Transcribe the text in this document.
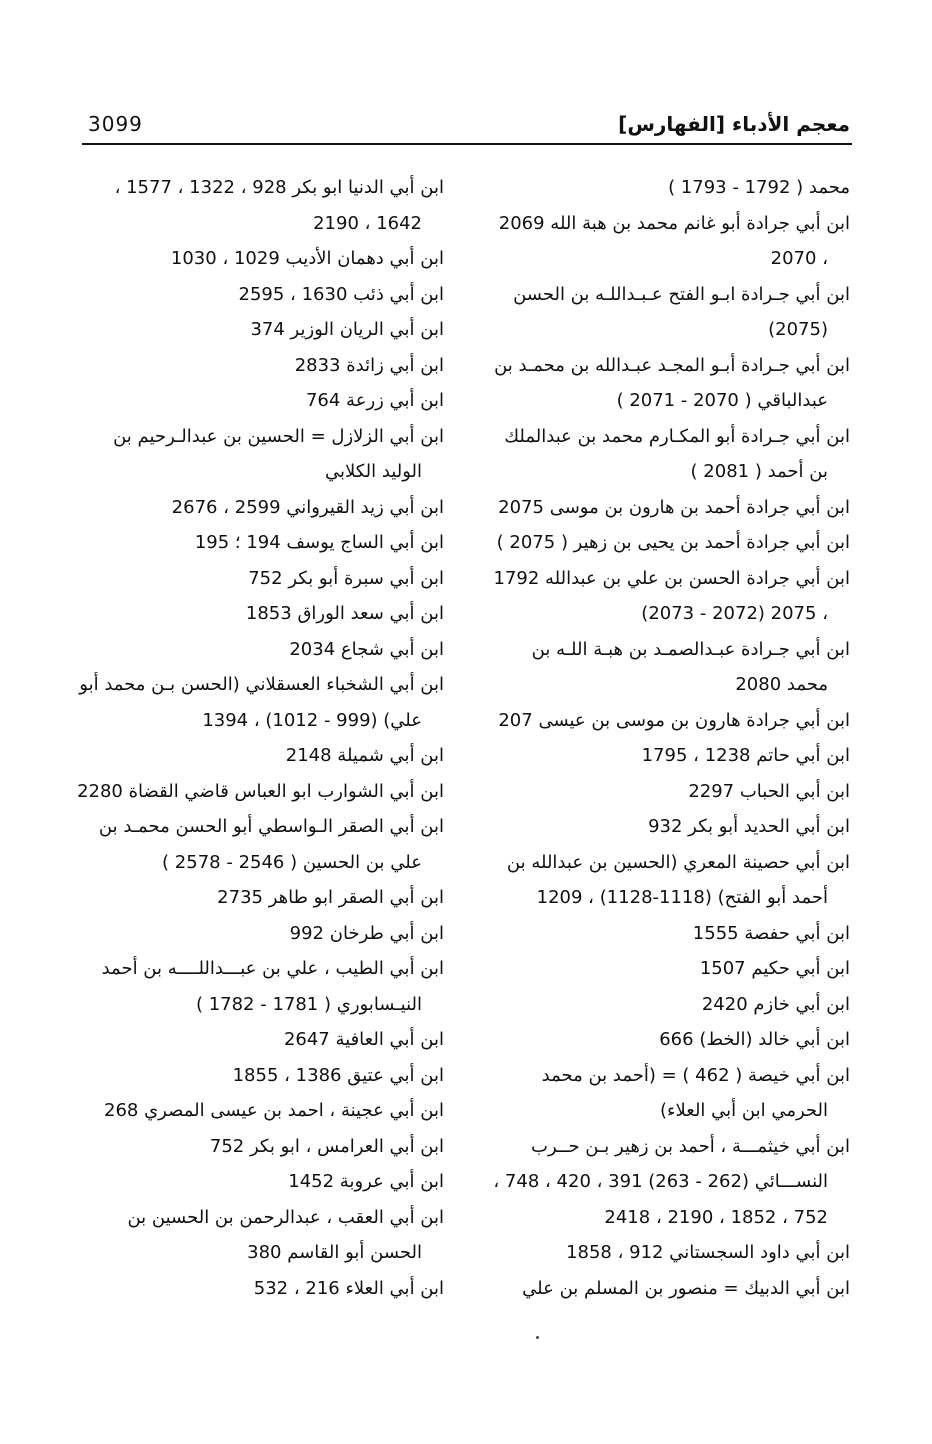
معجم الأدباء [الفهارس]
3099
محمد ( 1792 - 1793 )
ابن أبي جرادة أبو غانم محمد بن هبة الله 2069 ، 2070
ابن أبي جـرادة ابـو الفتح عـبـداللـه بن الحسن (2075)
ابن أبي جـرادة أبـو المجـد عبـدالله بن محمـد بن عبدالباقي ( 2070 - 2071 )
ابن أبي جـرادة أبو المكـارم محمد بن عبدالملك بن أحمد ( 2081 )
ابن أبي جرادة أحمد بن هارون بن موسى 2075
ابن أبي جرادة أحمد بن يحيى بن زهير ( 2075 )
ابن أبي جرادة الحسن بن علي بن عبدالله 1792 ، 2075 (2072 - 2073)
ابن أبي جـرادة عبـدالصمـد بن هبـة اللـه بن محمد 2080
ابن أبي جرادة هارون بن موسى بن عيسى 207
ابن أبي حاتم 1238 ، 1795
ابن أبي الحباب 2297
ابن أبي الحديد أبو بكر 932
ابن أبي حصينة المعري (الحسين بن عبدالله بن أحمد أبو الفتح) (1118-1128) ، 1209
ابن أبي حفصة 1555
ابن أبي حكيم 1507
ابن أبي خازم 2420
ابن أبي خالد (الخط) 666
ابن أبي خيصة ( 462 ) = (أحمد بن محمد الحرمي ابن أبي العلاء)
ابن أبي خيثمـــة ، أحمد بن زهير بـن حــرب النســـائي (262 - 263) 391 ، 420 ، 748 ، 752 ، 1852 ، 2190 ، 2418
ابن أبي داود السجستاني 912 ، 1858
ابن أبي الدبيك = منصور بن المسلم بن علي
ابن أبي الدنيا ابو بكر 928 ، 1322 ، 1577 ، 1642 ، 2190
ابن أبي دهمان الأديب 1029 ، 1030
ابن أبي ذئب 1630 ، 2595
ابن أبي الريان الوزير 374
ابن أبي زائدة 2833
ابن أبي زرعة 764
ابن أبي الزلازل = الحسين بن عبدالـرحيم بن الوليد الكلابي
ابن أبي زيد القيرواني 2599 ، 2676
ابن أبي الساج يوسف 194 ؛ 195
ابن أبي سبرة أبو بكر 752
ابن أبي سعد الوراق 1853
ابن أبي شجاع 2034
ابن أبي الشخباء العسقلاني (الحسن بـن محمد أبو علي) (999 - 1012) ، 1394
ابن أبي شميلة 2148
ابن أبي الشوارب ابو العباس قاضي القضاة 2280
ابن أبي الصقر الـواسطي أبو الحسن محمـد بن علي بن الحسين ( 2546 - 2578 )
ابن أبي الصقر ابو طاهر 2735
ابن أبي طرخان 992
ابن أبي الطيب ، علي بن عبـــداللــــه بن أحمد النيـسابوري ( 1781 - 1782 )
ابن أبي العافية 2647
ابن أبي عتيق 1386 ، 1855
ابن أبي عجينة ، احمد بن عيسى المصري 268
ابن أبي العرامس ، ابو بكر 752
ابن أبي عروبة 1452
ابن أبي العقب ، عبدالرحمن بن الحسين بن الحسن أبو القاسم 380
ابن أبي العلاء 216 ، 532
